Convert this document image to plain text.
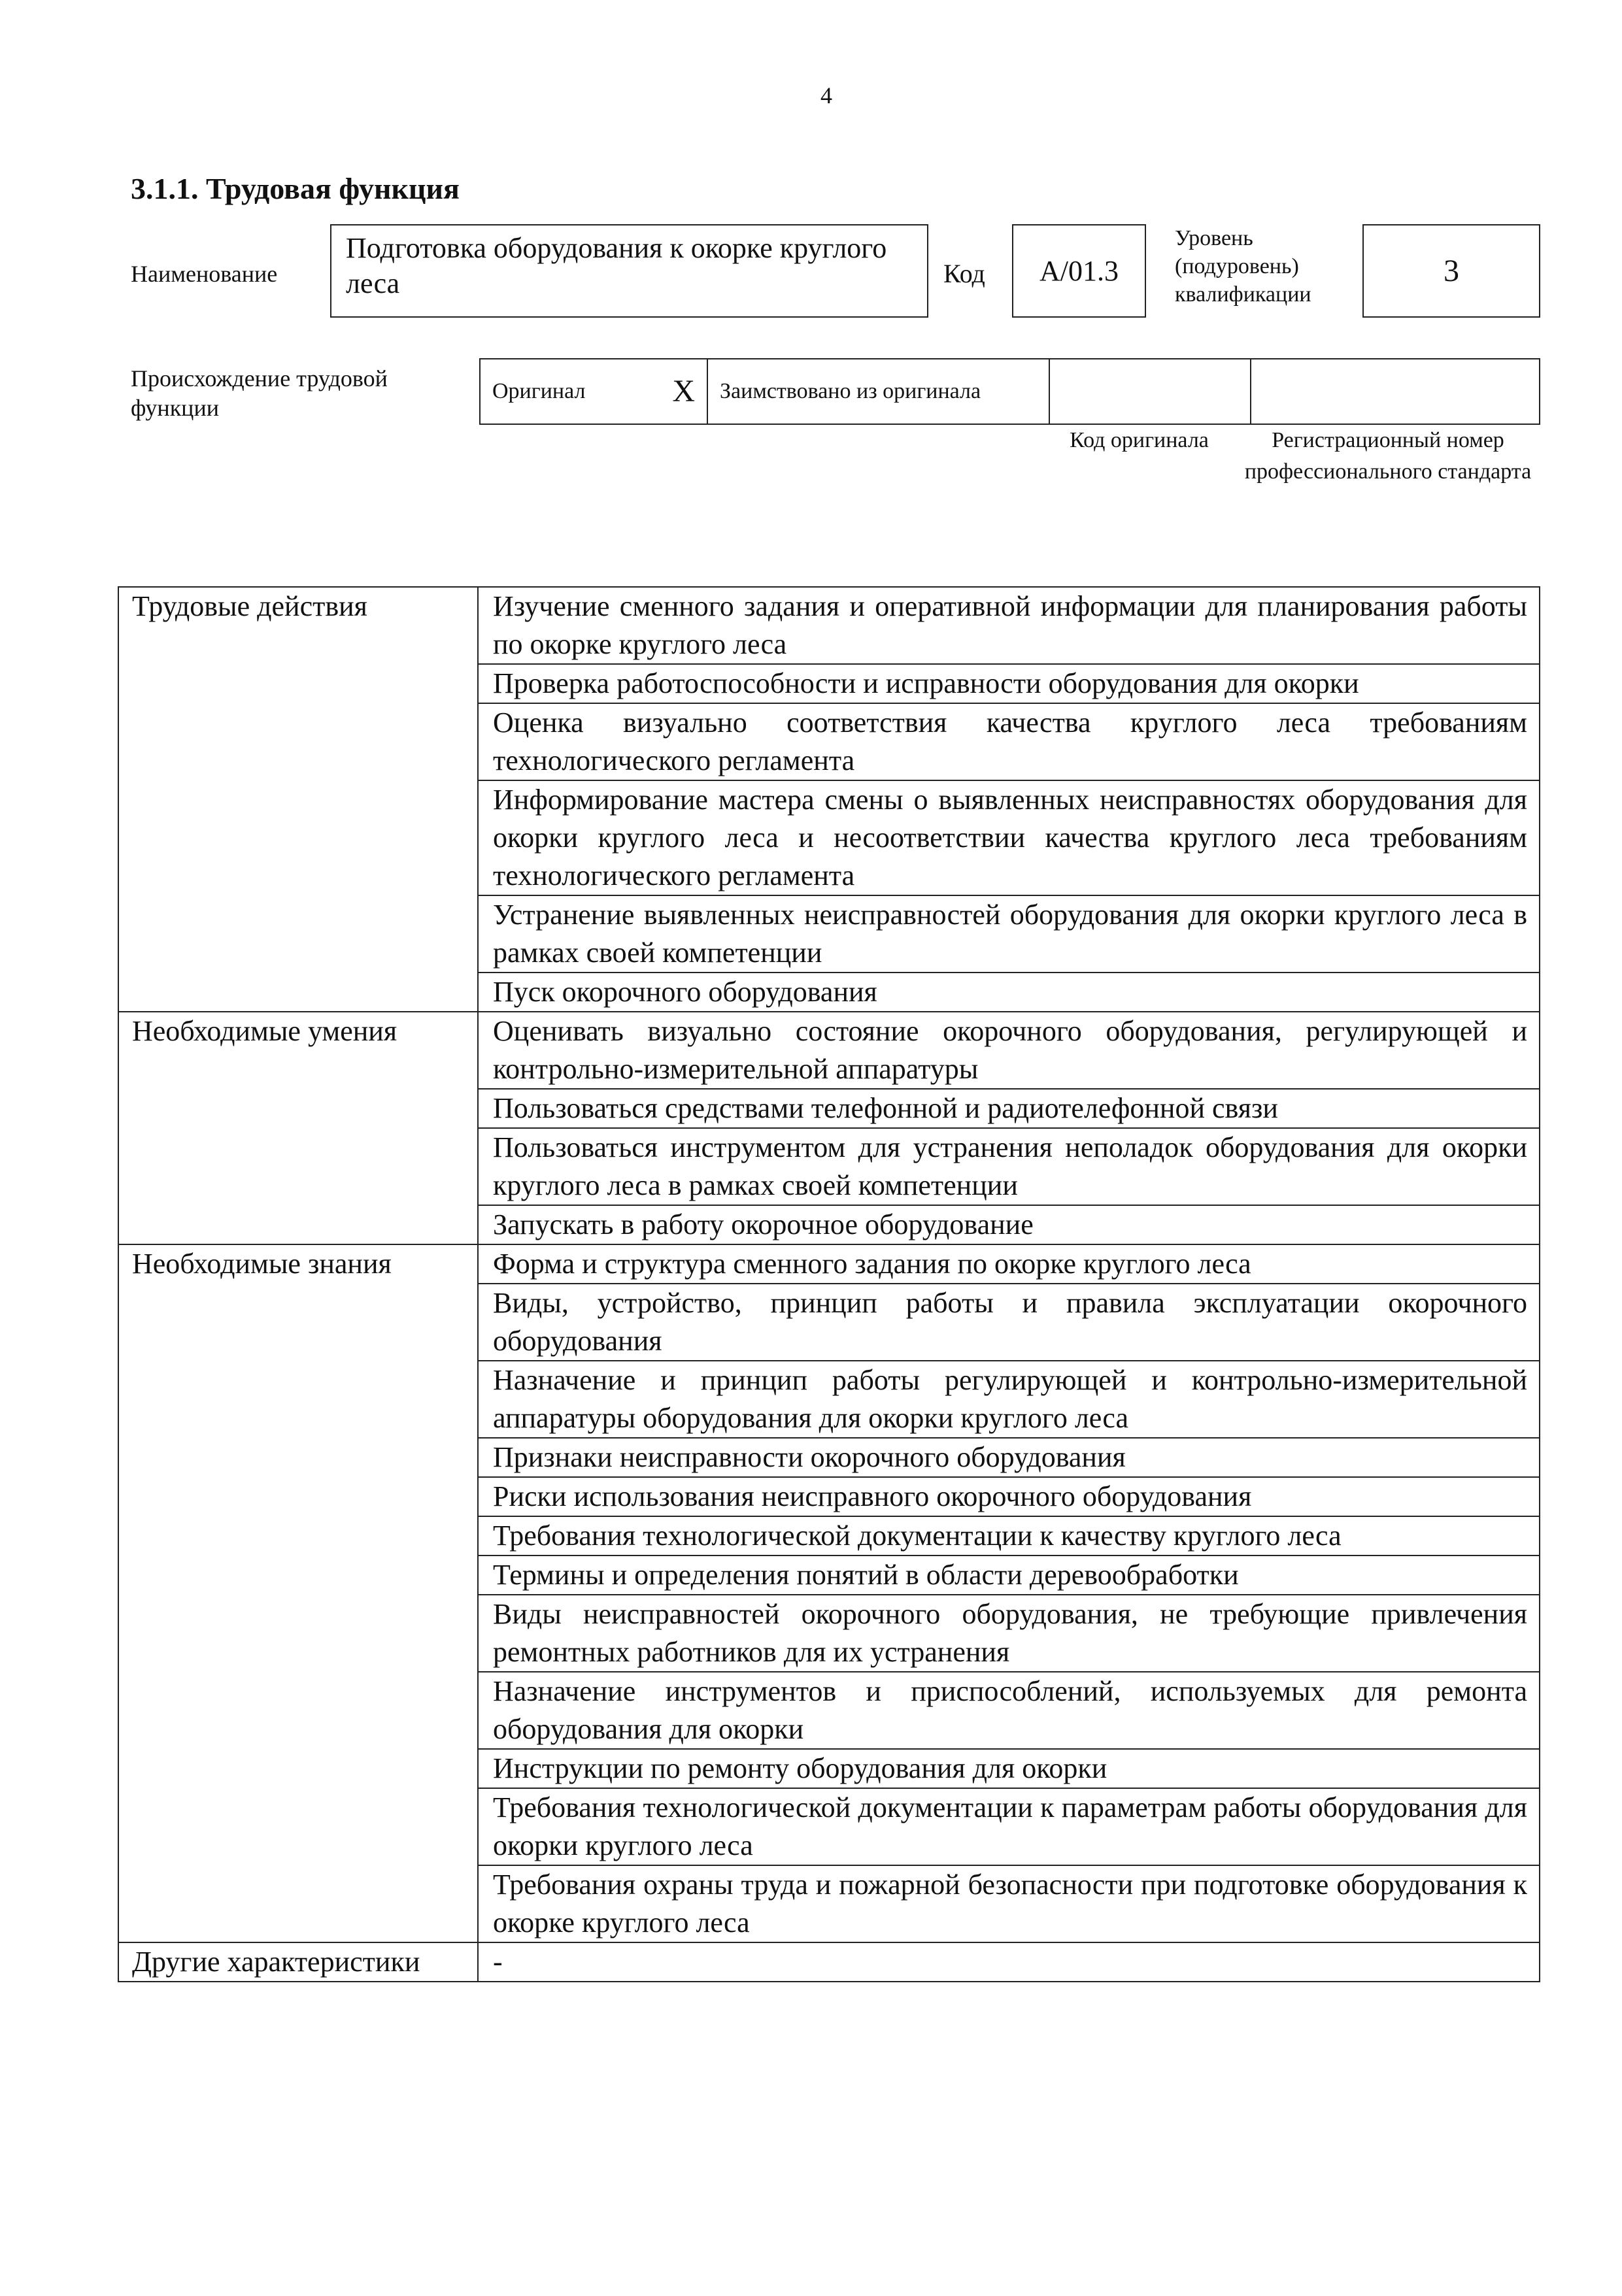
4
3.1.1. Трудовая функция
Наименование
Подготовка оборудования к окорке круглого леса	Код	A/01.3
Уровень
(подуровень)
квалификации
3
Происхождение трудовой функции
Оригинал	X	Заимствовано из оригинала		
Код оригинала	Регистрационный номер профессионального стандарта
Трудовые действия	Изучение сменного задания и оперативной информации для планирования работы по окорке круглого леса
	Проверка работоспособности и исправности оборудования для окорки
	Оценка визуально соответствия качества круглого леса требованиям технологического регламента
	Информирование мастера смены о выявленных неисправностях оборудования для окорки круглого леса и несоответствии качества круглого леса требованиям технологического регламента
	Устранение выявленных неисправностей оборудования для окорки круглого леса в рамках своей компетенции
	Пуск окорочного оборудования
Необходимые умения	Оценивать визуально состояние окорочного оборудования, регулирующей и контрольно-измерительной аппаратуры
	Пользоваться средствами телефонной и радиотелефонной связи
	Пользоваться инструментом для устранения неполадок оборудования для окорки круглого леса в рамках своей компетенции
	Запускать в работу окорочное оборудование
Необходимые знания	Форма и структура сменного задания по окорке круглого леса
	Виды, устройство, принцип работы и правила эксплуатации окорочного оборудования
	Назначение и принцип работы регулирующей и контрольно-измерительной аппаратуры оборудования для окорки круглого леса
	Признаки неисправности окорочного оборудования
	Риски использования неисправного окорочного оборудования
	Требования технологической документации к качеству круглого леса
	Термины и определения понятий в области деревообработки
	Виды неисправностей окорочного оборудования, не требующие привлечения ремонтных работников для их устранения
	Назначение инструментов и приспособлений, используемых для ремонта оборудования для окорки
	Инструкции по ремонту оборудования для окорки
	Требования технологической документации к параметрам работы оборудования для окорки круглого леса
	Требования охраны труда и пожарной безопасности при подготовке оборудования к окорке круглого леса
Другие характеристики	-
